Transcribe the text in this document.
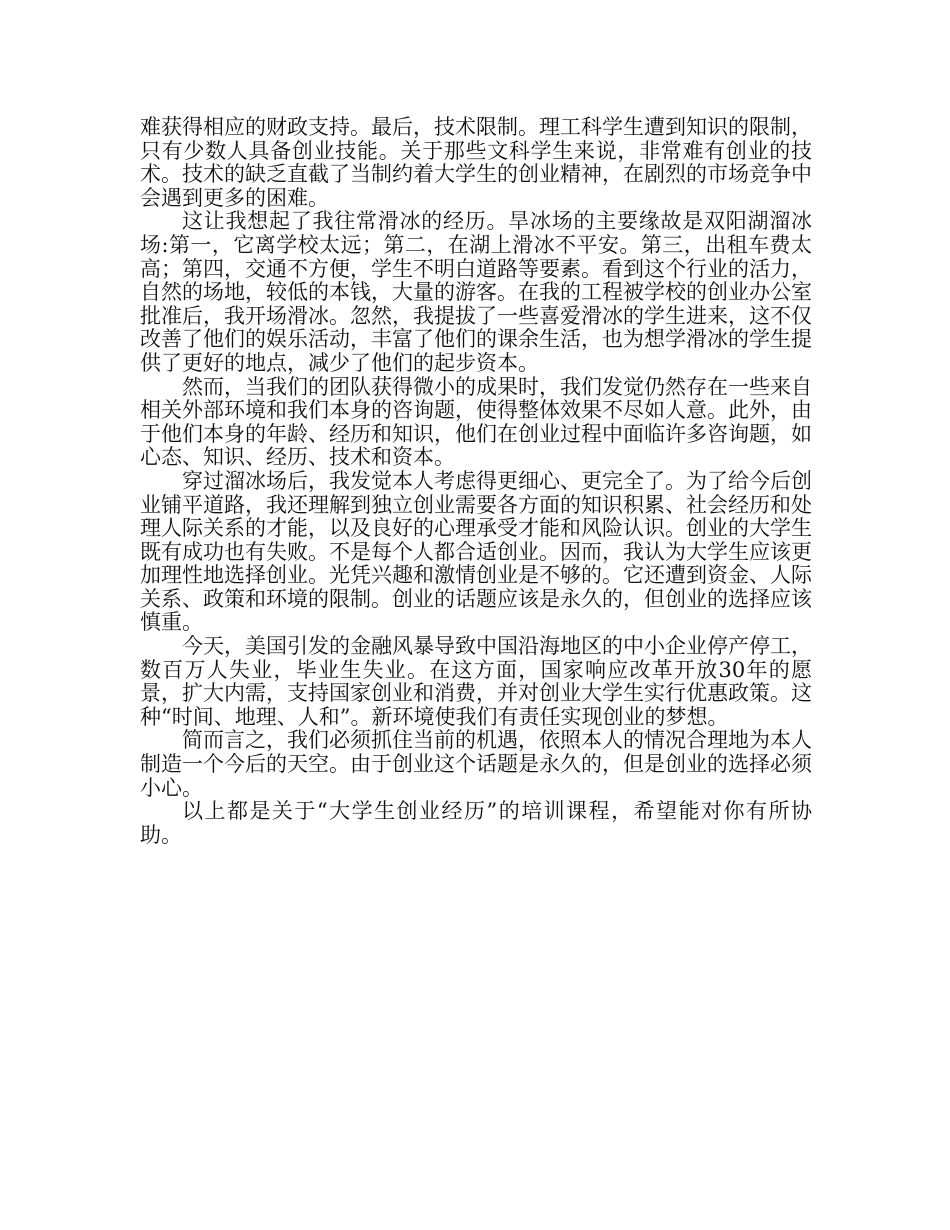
难获得相应的财政支持。最后，技术限制。理工科学生遭到知识的限制，只有少数人具备创业技能。关于那些文科学生来说，非常难有创业的技术。技术的缺乏直截了当制约着大学生的创业精神，在剧烈的市场竞争中会遇到更多的困难。

这让我想起了我往常滑冰的经历。旱冰场的主要缘故是双阳湖溜冰场:第一，它离学校太远；第二，在湖上滑冰不平安。第三，出租车费太高；第四，交通不方便，学生不明白道路等要素。看到这个行业的活力，自然的场地，较低的本钱，大量的游客。在我的工程被学校的创业办公室批准后，我开场滑冰。忽然，我提拔了一些喜爱滑冰的学生进来，这不仅改善了他们的娱乐活动，丰富了他们的课余生活，也为想学滑冰的学生提供了更好的地点，减少了他们的起步资本。

然而，当我们的团队获得微小的成果时，我们发觉仍然存在一些来自相关外部环境和我们本身的咨询题，使得整体效果不尽如人意。此外，由于他们本身的年龄、经历和知识，他们在创业过程中面临许多咨询题，如心态、知识、经历、技术和资本。

穿过溜冰场后，我发觉本人考虑得更细心、更完全了。为了给今后创业铺平道路，我还理解到独立创业需要各方面的知识积累、社会经历和处理人际关系的才能，以及良好的心理承受才能和风险认识。创业的大学生既有成功也有失败。不是每个人都合适创业。因而，我认为大学生应该更加理性地选择创业。光凭兴趣和激情创业是不够的。它还遭到资金、人际关系、政策和环境的限制。创业的话题应该是永久的，但创业的选择应该慎重。

今天，美国引发的金融风暴导致中国沿海地区的中小企业停产停工，数百万人失业，毕业生失业。在这方面，国家响应改革开放30年的愿景，扩大内需，支持国家创业和消费，并对创业大学生实行优惠政策。这种“时间、地理、人和”。新环境使我们有责任实现创业的梦想。

简而言之，我们必须抓住当前的机遇，依照本人的情况合理地为本人制造一个今后的天空。由于创业这个话题是永久的，但是创业的选择必须小心。

以上都是关于“大学生创业经历”的培训课程，希望能对你有所协助。
